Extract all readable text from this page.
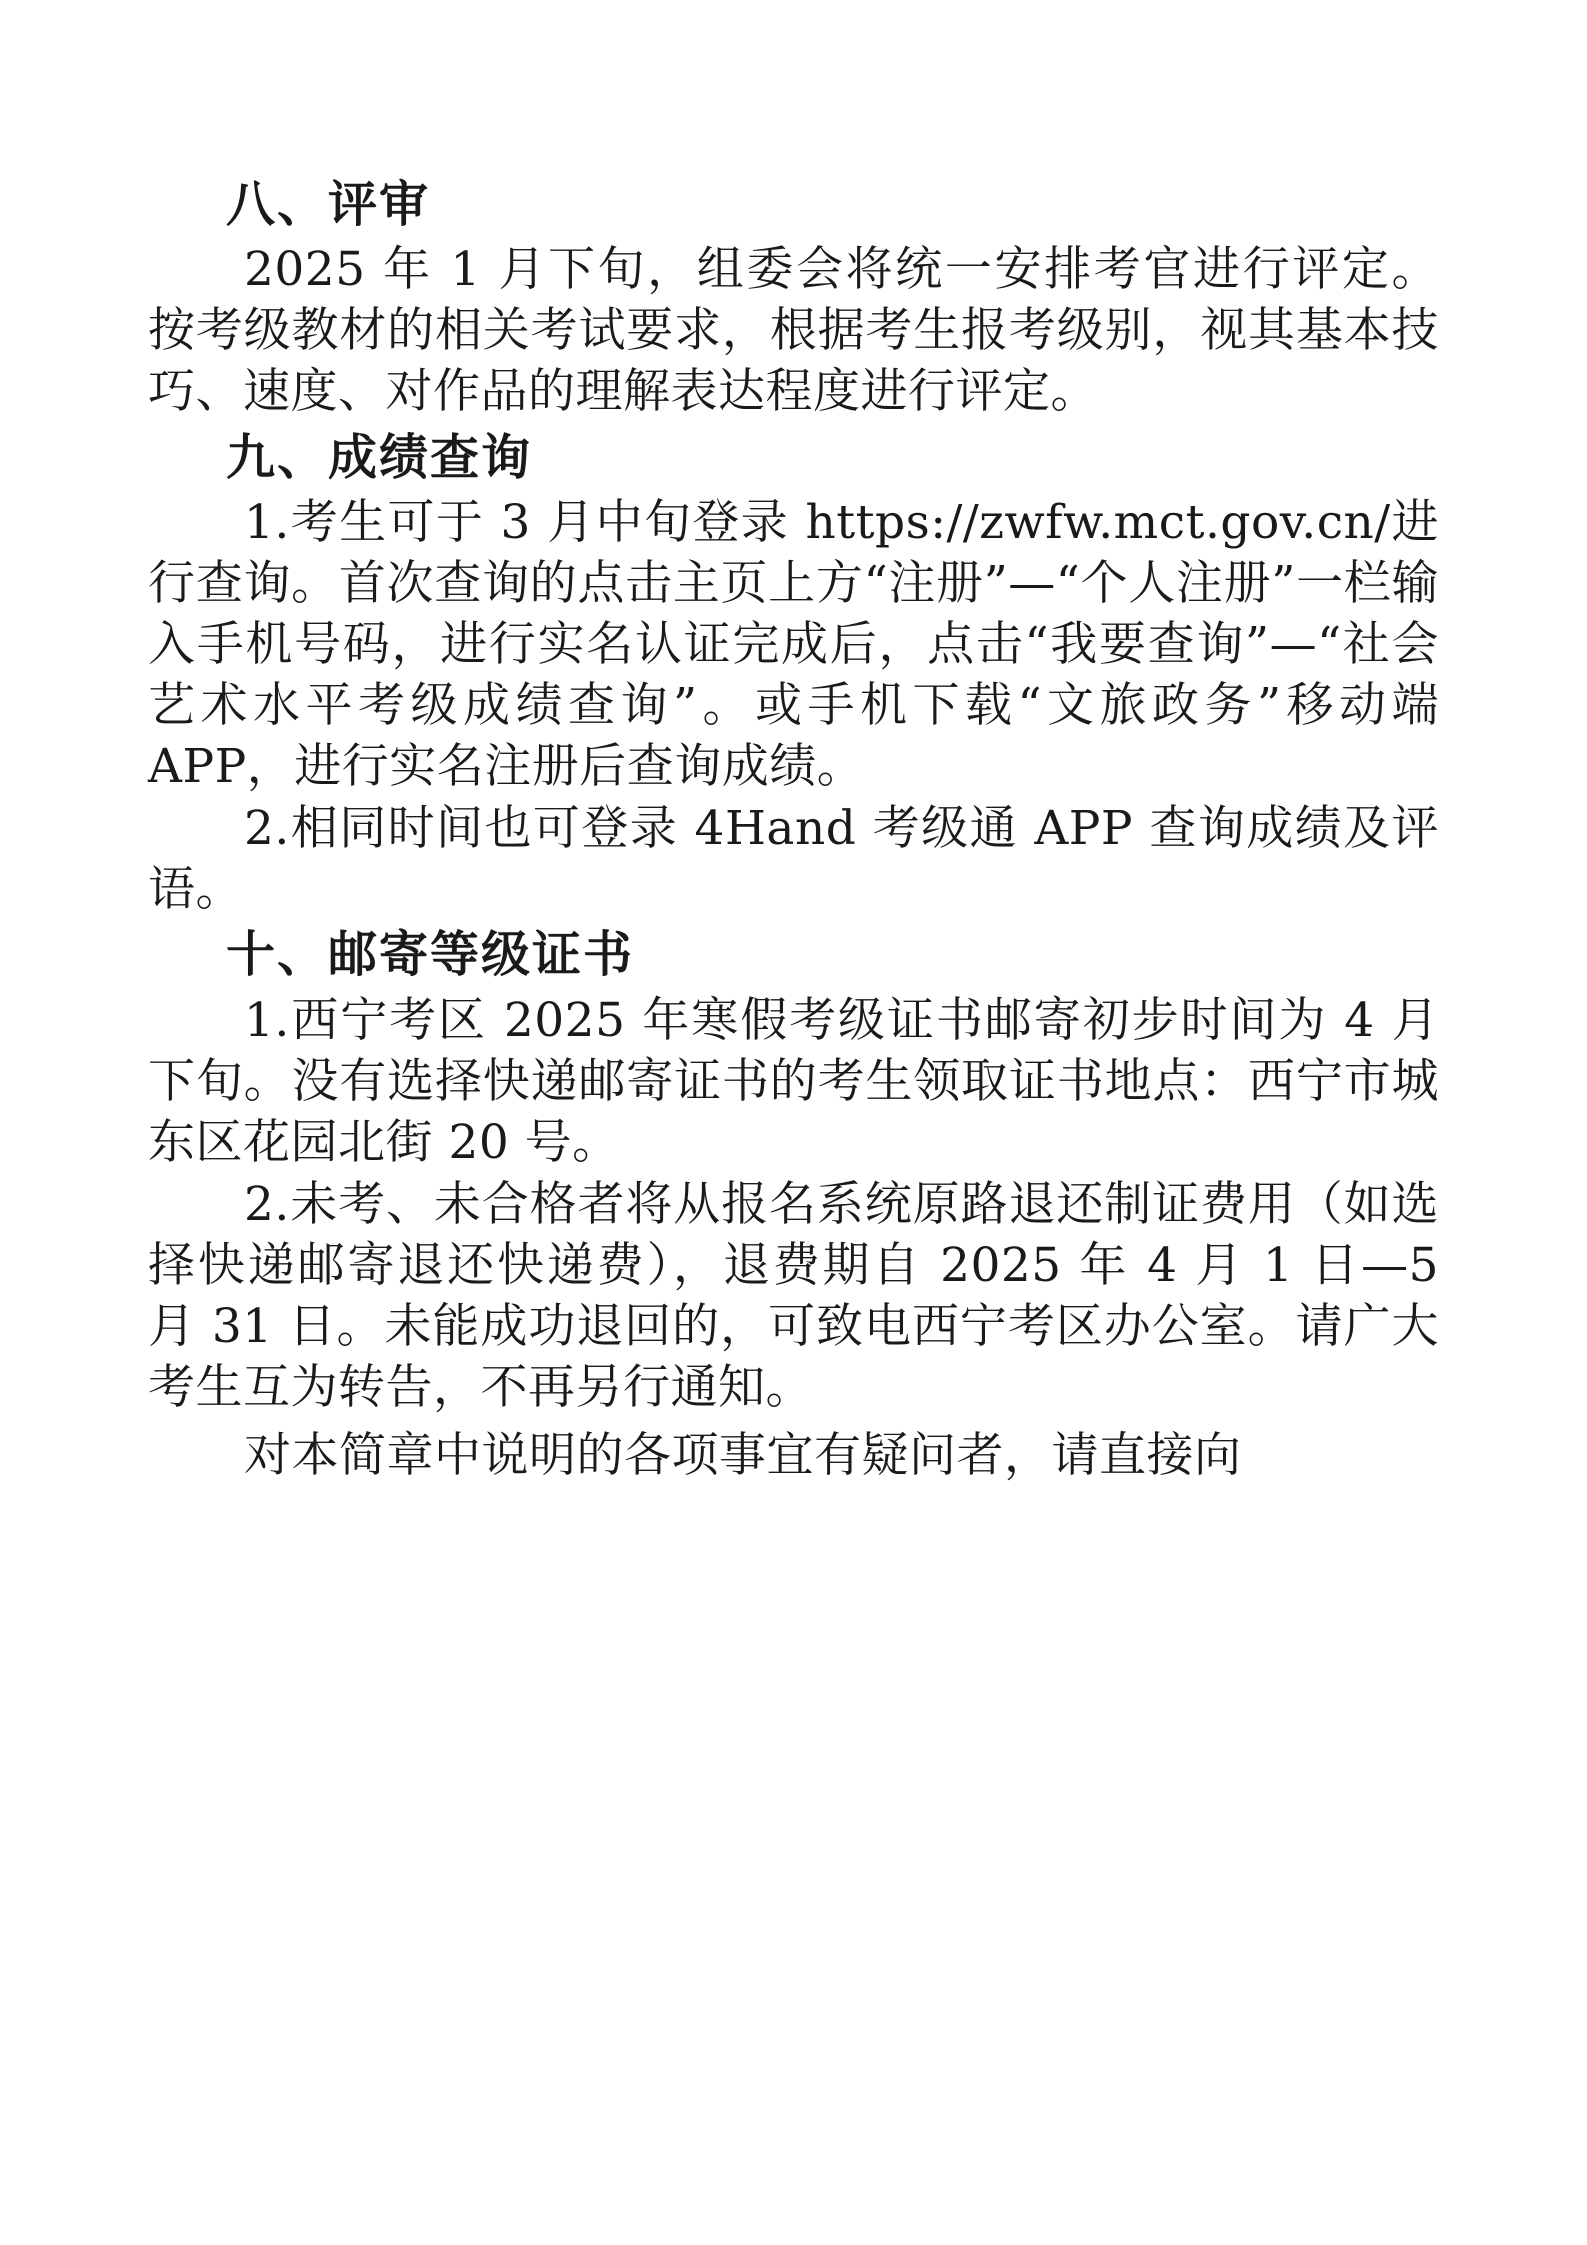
八、评审

2025 年 1 月下旬，组委会将统一安排考官进行评定。按考级教材的相关考试要求，根据考生报考级别，视其基本技巧、速度、对作品的理解表达程度进行评定。

九、成绩查询

1.考生可于 3 月中旬登录 https://zwfw.mct.gov.cn/进行查询。首次查询的点击主页上方“注册”—“个人注册”一栏输入手机号码，进行实名认证完成后，点击“我要查询”—“社会艺术水平考级成绩查询”。或手机下载“文旅政务”移动端 APP，进行实名注册后查询成绩。

2.相同时间也可登录 4Hand 考级通 APP 查询成绩及评语。

十、邮寄等级证书

1.西宁考区 2025 年寒假考级证书邮寄初步时间为 4 月下旬。没有选择快递邮寄证书的考生领取证书地点：西宁市城东区花园北街 20 号。

2.未考、未合格者将从报名系统原路退还制证费用（如选择快递邮寄退还快递费），退费期自 2025 年 4 月 1 日—5 月 31 日。未能成功退回的，可致电西宁考区办公室。请广大考生互为转告，不再另行通知。

对本简章中说明的各项事宜有疑问者，请直接向
